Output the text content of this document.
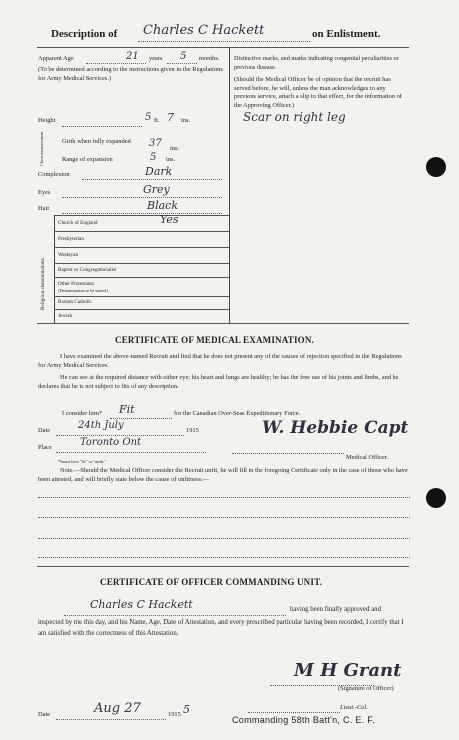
Description of Charles C Hackett	on Enlistment.
Apparent Age	21 years 5 months.
(To be determined according to the instructions given in the Regulations for Army Medical Services.)
Height	5 ft. 7 ins.
Chest measurement	Girth when fully expanded 37 ins.
Range of expansion	5 ins.
Complexion	Dark
Eyes	Grey
Hair	Black
Religious denominations
Church of England	Yes
Presbyterian
Wesleyan
Baptist or Congregationalist
Other Protestants
(Denomination to be stated.)
Roman Catholic
Jewish
Distinctive marks, and marks indicating congenital peculiarities or previous disease.
(Should the Medical Officer be of opinion that the recruit has served before, he will, unless the man acknowledges to any previous service, attach a slip to that effect, for the information of the Approving Officer.)
Scar on right leg
CERTIFICATE OF MEDICAL EXAMINATION.
I have examined the above-named Recruit and find that he does not present any of the causes of rejection specified in the Regulations for Army Medical Services.
He can see at the required distance with either eye; his heart and lungs are healthy; he has the free use of his joints and limbs, and he declares that he is not subject to fits of any description.
I consider him* Fit	for the Canadian Over-Seas Expeditionary Force.
Date	24th July	1915
Place	Toronto Ont
W. Hebbie Capt
Medical Officer.
*Insert here "fit" or "unfit."
Note.—Should the Medical Officer consider the Recruit unfit, he will fill in the foregoing Certificate only in the case of those who have been attested, and will briefly state below the cause of unfitness:—
CERTIFICATE OF OFFICER COMMANDING UNIT.
Charles C Hackett	having been finally approved and
inspected by me this day, and his Name, Age, Date of Attestation, and every prescribed particular having been recorded, I certify that I am satisfied with the correctness of this Attestation.
M H Grant
(Signature of Officer)
Date	Aug 27	1915 5	Lieut.-Col.
Commanding 58th Batt'n, C. E. F.
